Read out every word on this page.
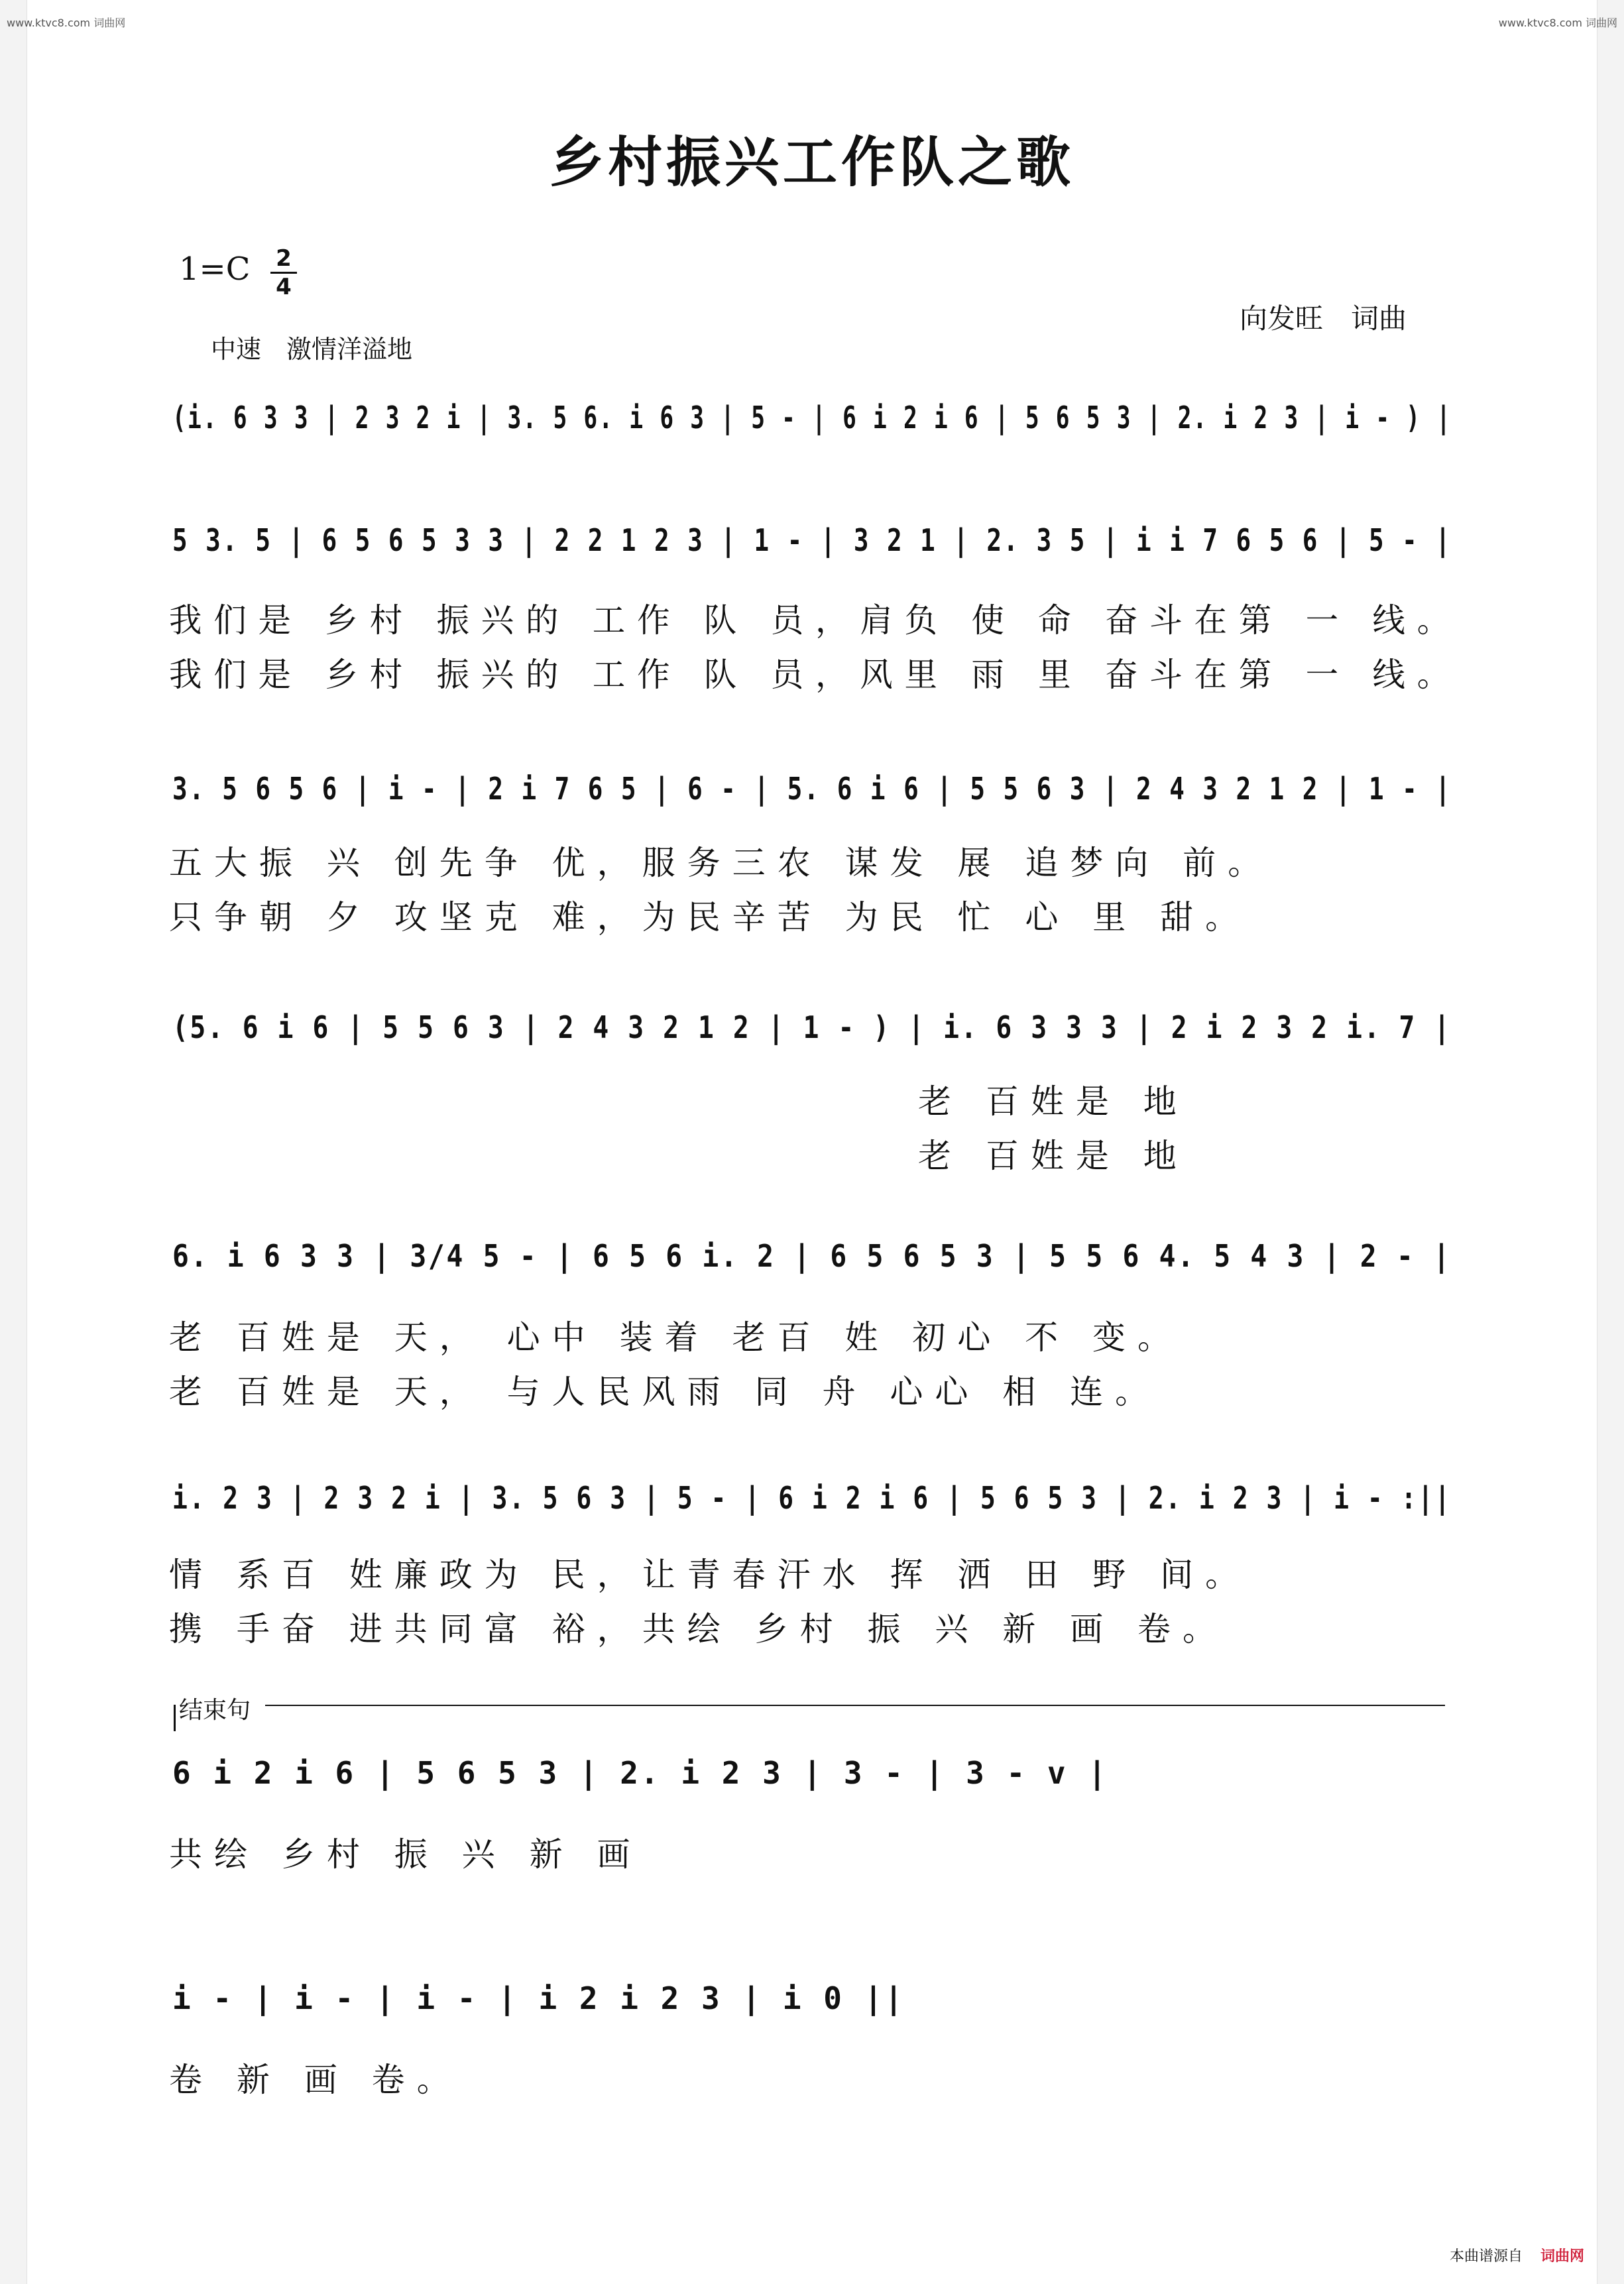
www.ktvc8.com 词曲网	www.ktvc8.com 词曲网
乡村振兴工作队之歌
1=C 2
4
向发旺　词曲
中速　激情洋溢地
(i. 6 3 3 | 2 3 2 i | 3. 5 6. i 6 3 | 5 - | 6 i 2 i 6 | 5 6 5 3 | 2. i 2 3 | i - ) |
5 3. 5 | 6 5 6 5 3 3 | 2 2 1 2 3 | 1 - | 3 2 1 | 2. 3 5 | i i 7 6 5 6 | 5 - |
我们是 乡村 振兴的 工作 队 员，肩负 使 命 奋斗在第 一 线。
我们是 乡村 振兴的 工作 队 员，风里 雨 里 奋斗在第 一 线。
3. 5 6 5 6 | i - | 2 i 7 6 5 | 6 - | 5. 6 i 6 | 5 5 6 3 | 2 4 3 2 1 2 | 1 - |
五大振 兴 创先争 优，服务三农 谋发 展 追梦向 前。
只争朝 夕 攻坚克 难，为民辛苦 为民 忙 心 里 甜。
(5. 6 i 6 | 5 5 6 3 | 2 4 3 2 1 2 | 1 - ) | i. 6 3 3 3 | 2 i 2 3 2 i. 7 |
老 百姓是 地
老 百姓是 地
6. i 6 3 3 | 3/4 5 - | 6 5 6 i. 2 | 6 5 6 5 3 | 5 5 6 4. 5 4 3 | 2 - |
老 百姓是 天， 心中 装着 老百 姓 初心 不 变。
老 百姓是 天， 与人民风雨 同 舟 心心 相 连。
i. 2 3 | 2 3 2 i | 3. 5 6 3 | 5 - | 6 i 2 i 6 | 5 6 5 3 | 2. i 2 3 | i - :||
情 系百 姓廉政为 民，让青春汗水 挥 洒 田 野 间。
携 手奋 进共同富 裕，共绘 乡村 振 兴 新 画 卷。
结束句
6 i 2 i 6 | 5 6 5 3 | 2. i 2 3 | 3 - | 3 - v |
共绘 乡村 振 兴 新 画
i - | i - | i - | i 2 i 2 3 | i 0 ||
卷 新 画 卷。
本曲谱源自 词曲网
